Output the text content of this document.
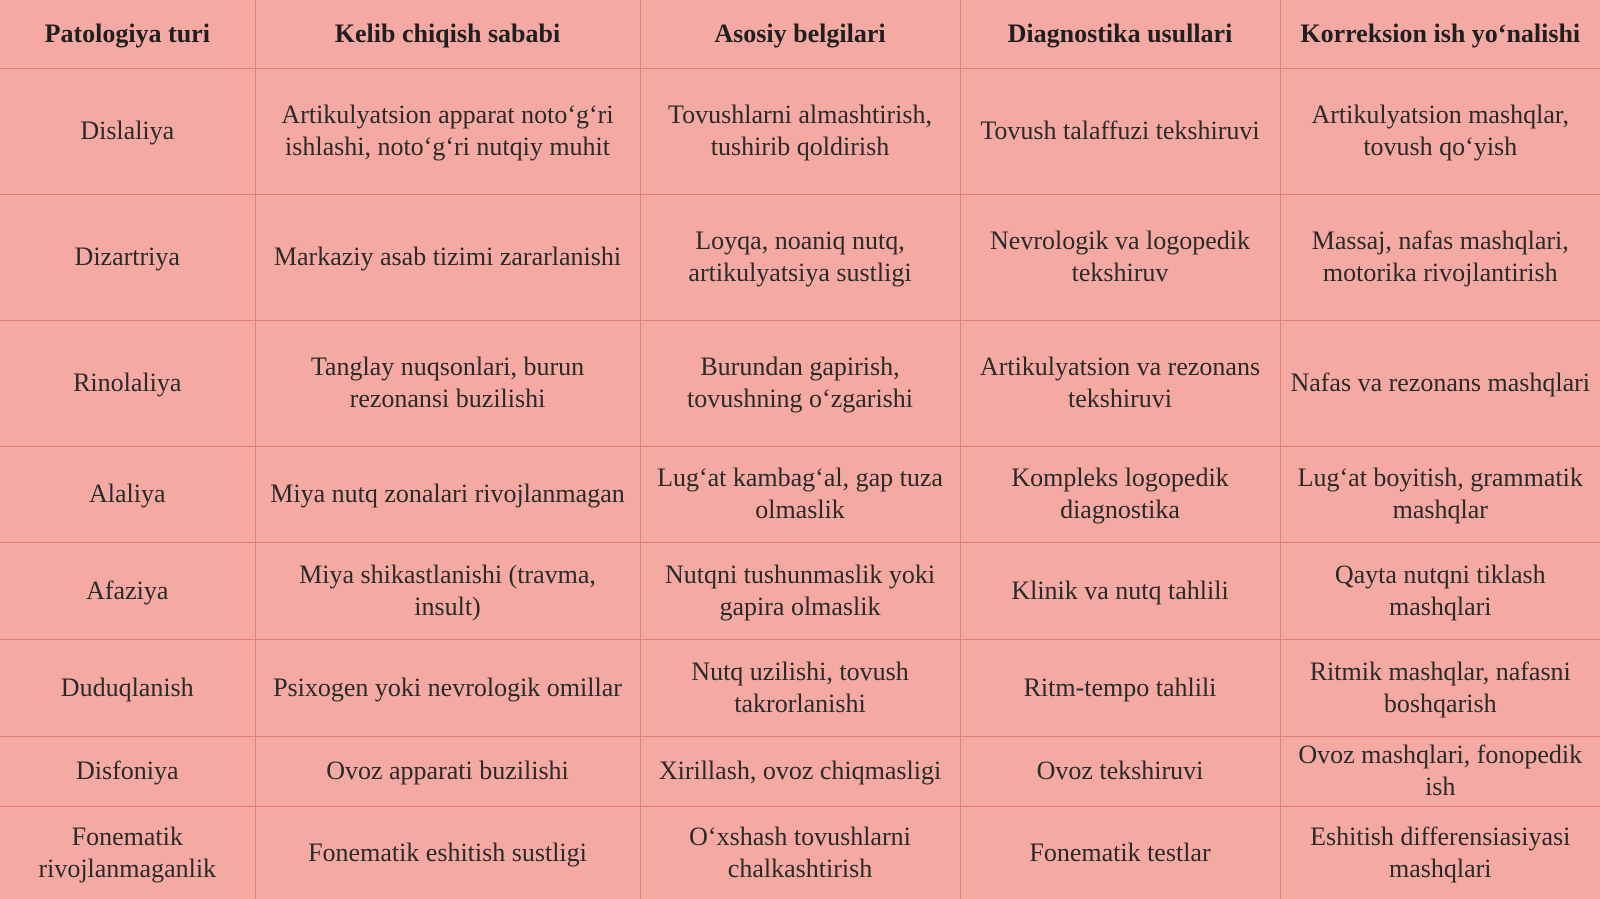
Patologiya turi	Kelib chiqish sababi	Asosiy belgilari	Diagnostika usullari	Korreksion ish yo‘nalishi
Dislaliya	Artikulyatsion apparat noto‘g‘ri ishlashi, noto‘g‘ri nutqiy muhit	Tovushlarni almashtirish, tushirib qoldirish	Tovush talaffuzi tekshiruvi	Artikulyatsion mashqlar, tovush qo‘yish
Dizartriya	Markaziy asab tizimi zararlanishi	Loyqa, noaniq nutq, artikulyatsiya sustligi	Nevrologik va logopedik tekshiruv	Massaj, nafas mashqlari, motorika rivojlantirish
Rinolaliya	Tanglay nuqsonlari, burun rezonansi buzilishi	Burundan gapirish, tovushning o‘zgarishi	Artikulyatsion va rezonans tekshiruvi	Nafas va rezonans mashqlari
Alaliya	Miya nutq zonalari rivojlanmagan	Lug‘at kambag‘al, gap tuza olmaslik	Kompleks logopedik diagnostika	Lug‘at boyitish, grammatik mashqlar
Afaziya	Miya shikastlanishi (travma, insult)	Nutqni tushunmaslik yoki gapira olmaslik	Klinik va nutq tahlili	Qayta nutqni tiklash mashqlari
Duduqlanish	Psixogen yoki nevrologik omillar	Nutq uzilishi, tovush takrorlanishi	Ritm-tempo tahlili	Ritmik mashqlar, nafasni boshqarish
Disfoniya	Ovoz apparati buzilishi	Xirillash, ovoz chiqmasligi	Ovoz tekshiruvi	Ovoz mashqlari, fonopedik ish
Fonematik rivojlanmaganlik	Fonematik eshitish sustligi	O‘xshash tovushlarni chalkashtirish	Fonematik testlar	Eshitish differensiasiyasi mashqlari
